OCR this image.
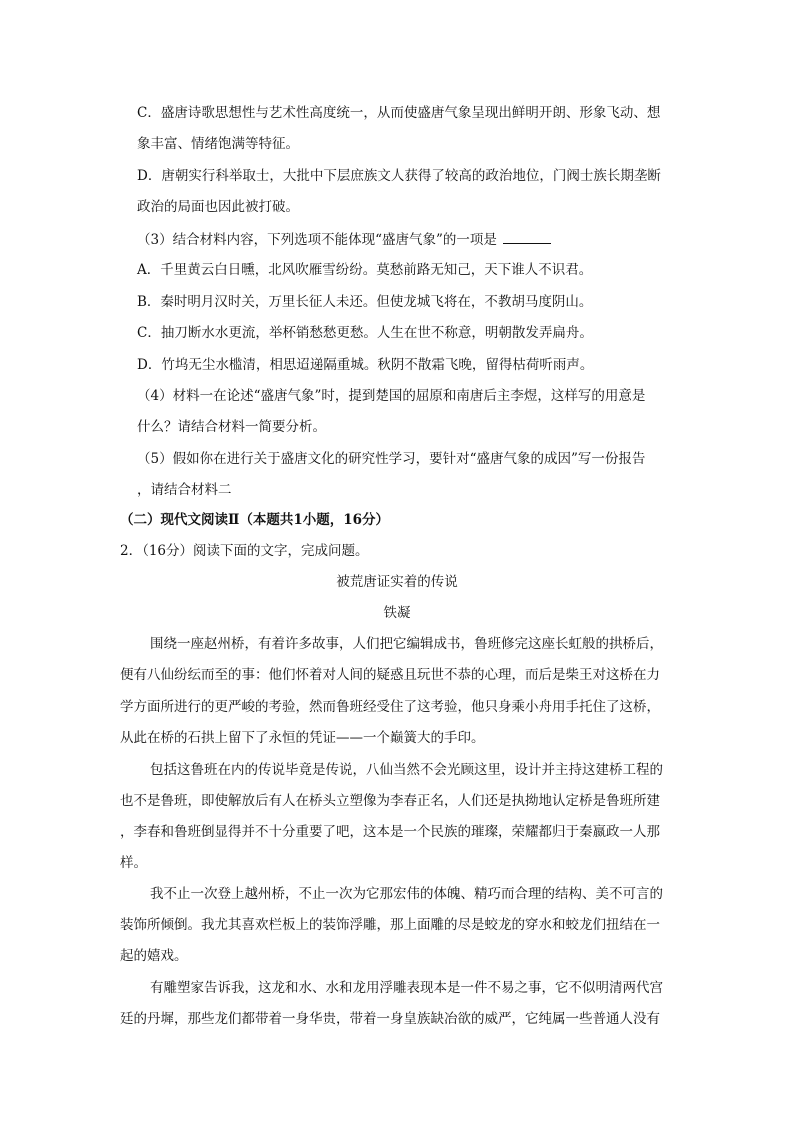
C．盛唐诗歌思想性与艺术性高度统一，从而使盛唐气象呈现出鲜明开朗、形象飞动、想
象丰富、情绪饱满等特征。
D．唐朝实行科举取士，大批中下层庶族文人获得了较高的政治地位，门阀士族长期垄断
政治的局面也因此被打破。
（3）结合材料内容，下列选项不能体现“盛唐气象”的一项是
A．千里黄云白日曛，北风吹雁雪纷纷。莫愁前路无知己，天下谁人不识君。
B．秦时明月汉时关，万里长征人未还。但使龙城飞将在，不教胡马度阴山。
C．抽刀断水水更流，举杯销愁愁更愁。人生在世不称意，明朝散发弄扁舟。
D．竹坞无尘水槛清，相思迢递隔重城。秋阴不散霜飞晚，留得枯荷听雨声。
（4）材料一在论述“盛唐气象”时，提到楚国的屈原和南唐后主李煜，这样写的用意是
什么？请结合材料一简要分析。
（5）假如你在进行关于盛唐文化的研究性学习，要针对“盛唐气象的成因”写一份报告
，请结合材料二
（二）现代文阅读Ⅱ（本题共1小题，16分）
2．（16分）阅读下面的文字，完成问题。
被荒唐证实着的传说
铁凝
围绕一座赵州桥，有着许多故事，人们把它编辑成书，鲁班修完这座长虹般的拱桥后，
便有八仙纷纭而至的事：他们怀着对人间的疑惑且玩世不恭的心理，而后是柴王对这桥在力
学方面所进行的更严峻的考验，然而鲁班经受住了这考验，他只身乘小舟用手托住了这桥，
从此在桥的石拱上留下了永恒的凭证——一个巅簧大的手印。
包括这鲁班在内的传说毕竟是传说，八仙当然不会光顾这里，设计并主持这建桥工程的
也不是鲁班，即使解放后有人在桥头立塑像为李春正名，人们还是执拗地认定桥是鲁班所建
，李春和鲁班倒显得并不十分重要了吧，这本是一个民族的璀璨，荣耀都归于秦嬴政一人那
样。
我不止一次登上越州桥，不止一次为它那宏伟的体魄、精巧而合理的结构、美不可言的
装饰所倾倒。我尤其喜欢栏板上的装饰浮雕，那上面雕的尽是蛟龙的穿水和蛟龙们扭结在一
起的嬉戏。
有雕塑家告诉我，这龙和水、水和龙用浮雕表现本是一件不易之事，它不似明清两代宫
廷的丹墀，那些龙们都带着一身华贵，带着一身皇族缺冶欲的威严，它纯属一些普通人没有
